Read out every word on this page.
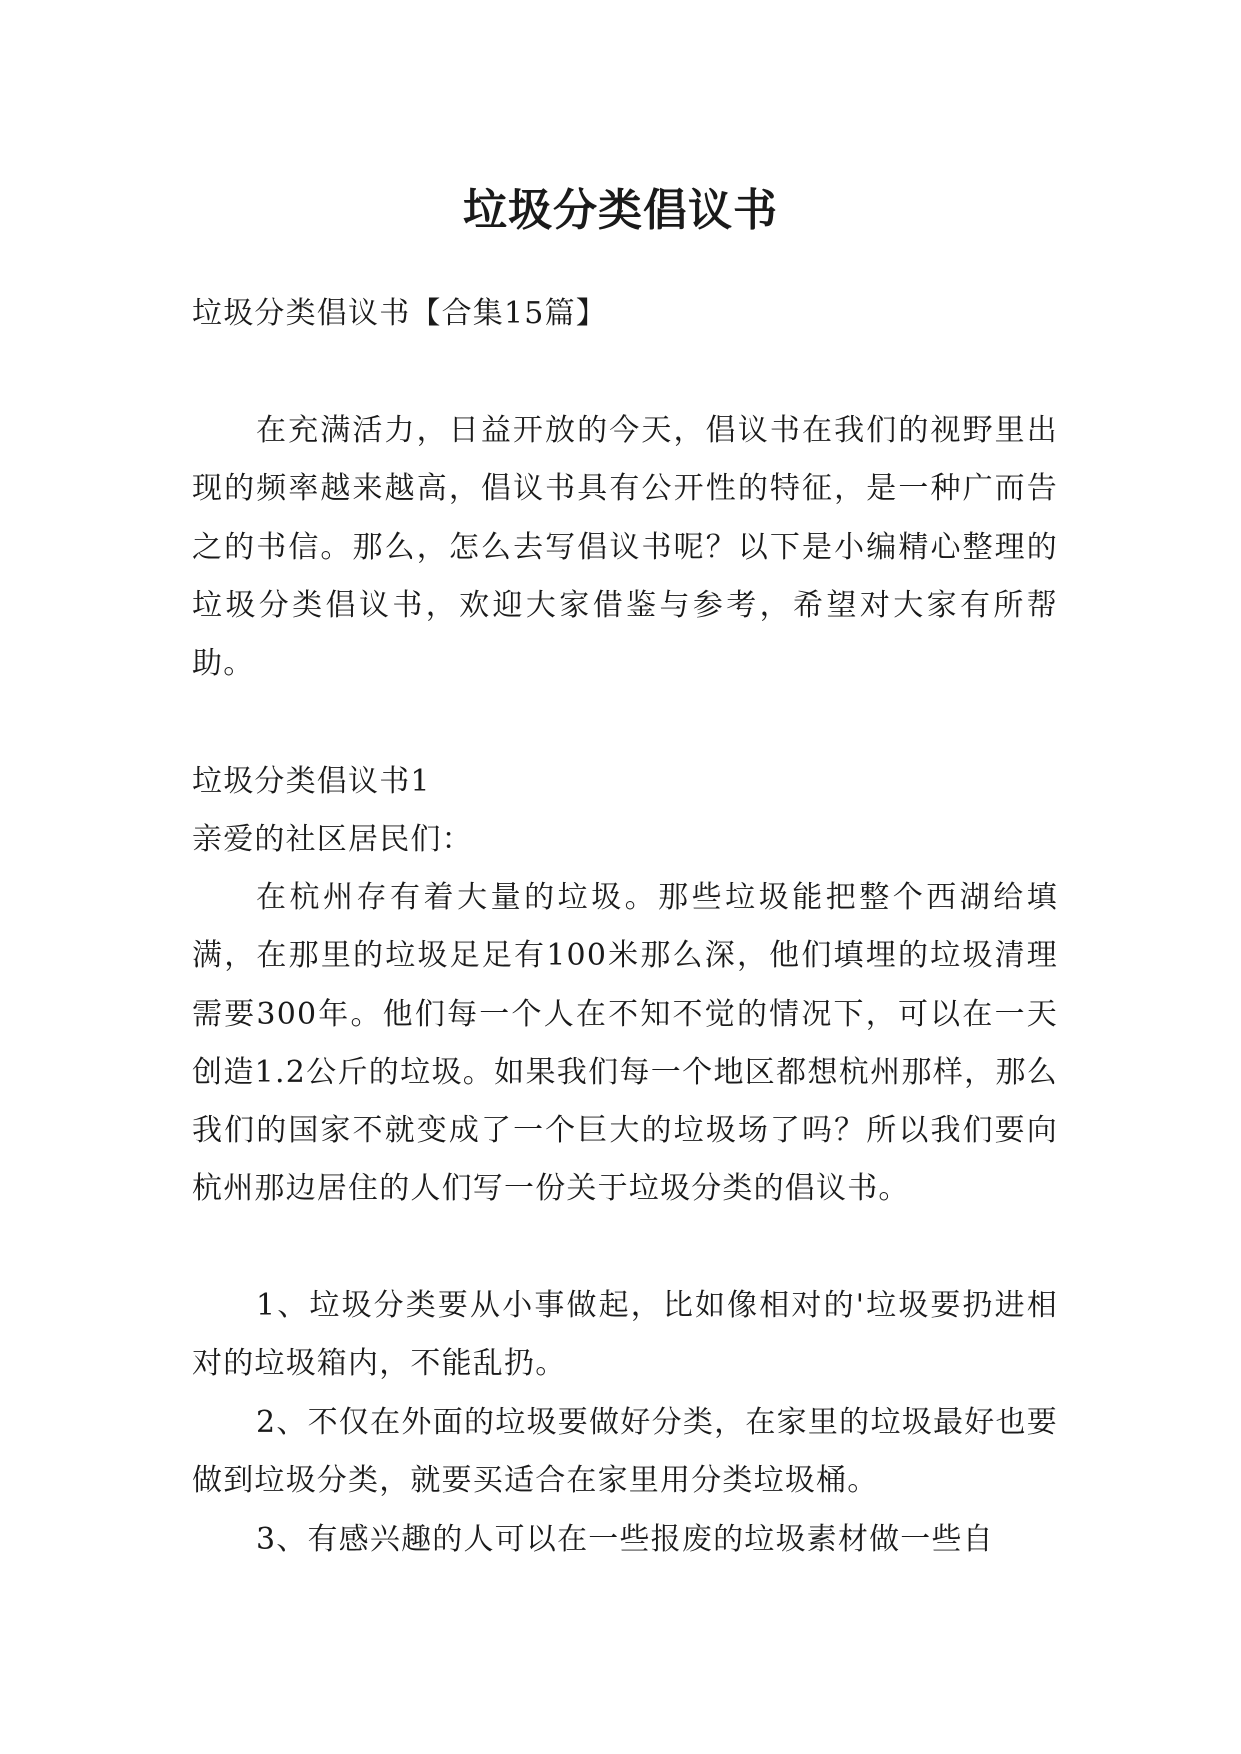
垃圾分类倡议书

垃圾分类倡议书【合集15篇】

在充满活力，日益开放的今天，倡议书在我们的视野里出现的频率越来越高，倡议书具有公开性的特征，是一种广而告之的书信。那么，怎么去写倡议书呢？以下是小编精心整理的垃圾分类倡议书，欢迎大家借鉴与参考，希望对大家有所帮助。

垃圾分类倡议书1

亲爱的社区居民们：

在杭州存有着大量的垃圾。那些垃圾能把整个西湖给填满，在那里的垃圾足足有100米那么深，他们填埋的垃圾清理需要300年。他们每一个人在不知不觉的情况下，可以在一天创造1.2公斤的垃圾。如果我们每一个地区都想杭州那样，那么我们的国家不就变成了一个巨大的垃圾场了吗？所以我们要向杭州那边居住的人们写一份关于垃圾分类的倡议书。

1、垃圾分类要从小事做起，比如像相对的'垃圾要扔进相对的垃圾箱内，不能乱扔。

2、不仅在外面的垃圾要做好分类，在家里的垃圾最好也要做到垃圾分类，就要买适合在家里用分类垃圾桶。

3、有感兴趣的人可以在一些报废的垃圾素材做一些自
